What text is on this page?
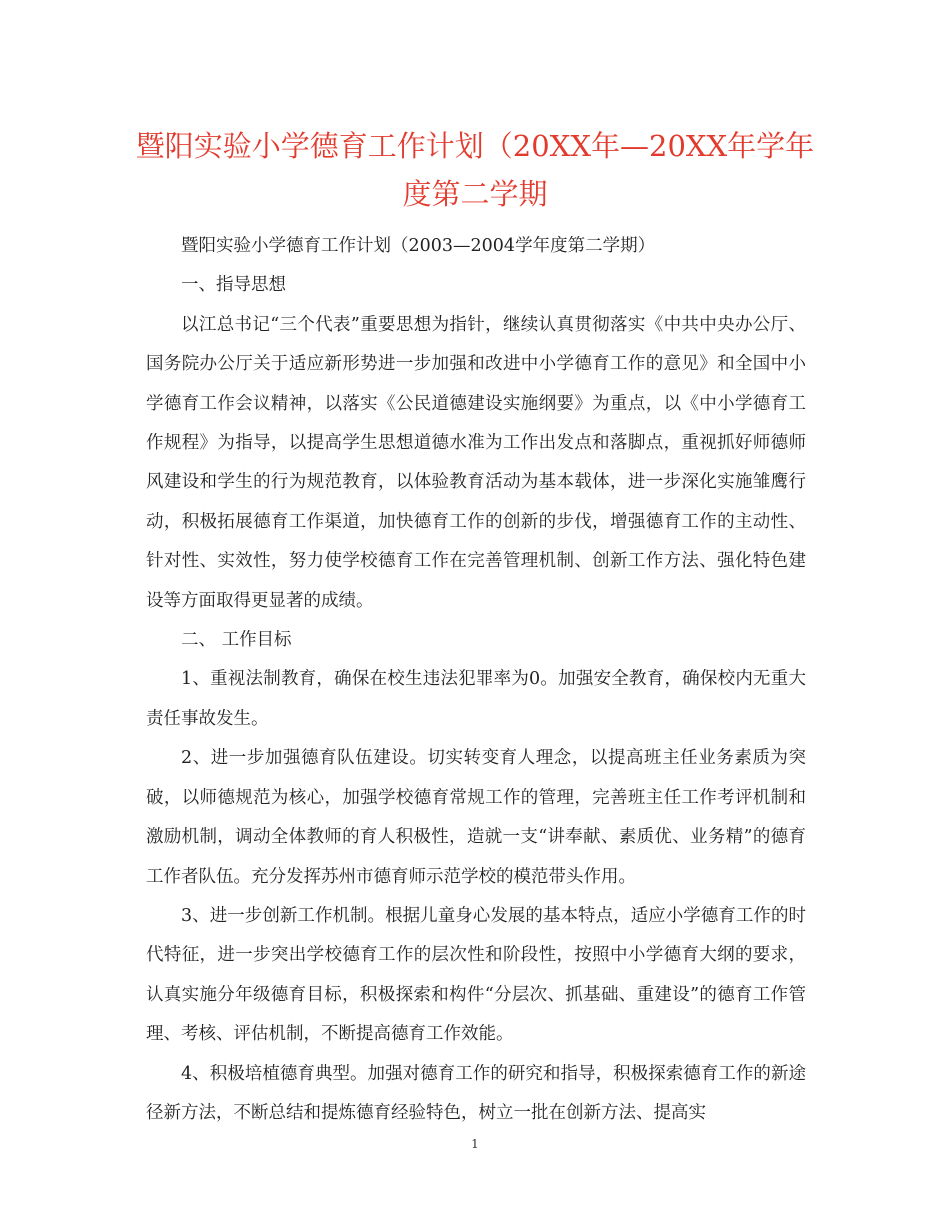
暨阳实验小学德育工作计划（20XX年—20XX年学年度第二学期

暨阳实验小学德育工作计划（2003—2004学年度第二学期）

一、指导思想

以江总书记“三个代表”重要思想为指针，继续认真贯彻落实《中共中央办公厅、国务院办公厅关于适应新形势进一步加强和改进中小学德育工作的意见》和全国中小学德育工作会议精神，以落实《公民道德建设实施纲要》为重点，以《中小学德育工作规程》为指导，以提高学生思想道德水准为工作出发点和落脚点，重视抓好师德师风建设和学生的行为规范教育，以体验教育活动为基本载体，进一步深化实施雏鹰行动，积极拓展德育工作渠道，加快德育工作的创新的步伐，增强德育工作的主动性、针对性、实效性，努力使学校德育工作在完善管理机制、创新工作方法、强化特色建设等方面取得更显著的成绩。

二、 工作目标

1、重视法制教育，确保在校生违法犯罪率为0。加强安全教育，确保校内无重大责任事故发生。

2、进一步加强德育队伍建设。切实转变育人理念，以提高班主任业务素质为突破，以师德规范为核心，加强学校德育常规工作的管理，完善班主任工作考评机制和激励机制，调动全体教师的育人积极性，造就一支“讲奉献、素质优、业务精”的德育工作者队伍。充分发挥苏州市德育师示范学校的模范带头作用。

3、进一步创新工作机制。根据儿童身心发展的基本特点，适应小学德育工作的时代特征，进一步突出学校德育工作的层次性和阶段性，按照中小学德育大纲的要求，认真实施分年级德育目标，积极探索和构件“分层次、抓基础、重建设”的德育工作管理、考核、评估机制，不断提高德育工作效能。

4、积极培植德育典型。加强对德育工作的研究和指导，积极探索德育工作的新途径新方法，不断总结和提炼德育经验特色，树立一批在创新方法、提高实

1
